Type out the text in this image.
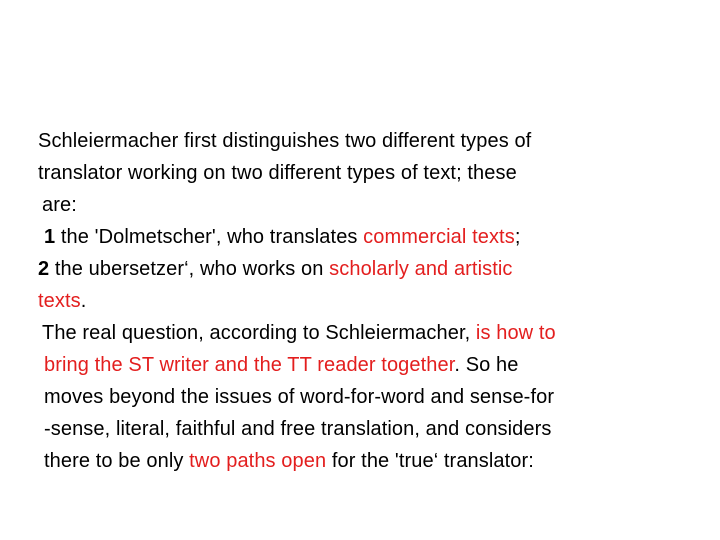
Schleiermacher first distinguishes two different types of
translator working on two different types of text; these
are:
1 the 'Dolmetscher', who translates commercial texts;
2 the ubersetzer‘, who works on scholarly and artistic
texts.
The real question, according to Schleiermacher, is how to
bring the ST writer and the TT reader together. So he
moves beyond the issues of word-for-word and sense-for
-sense, literal, faithful and free translation, and considers
there to be only two paths open for the 'true‘ translator:
